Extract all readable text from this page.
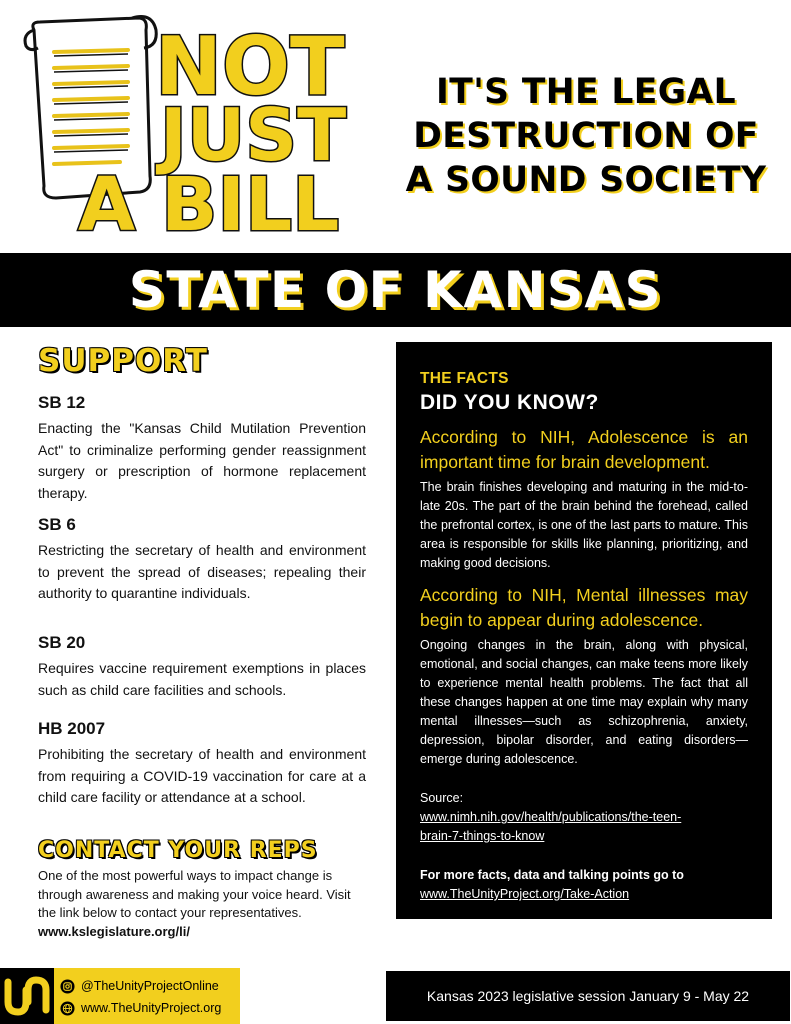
NOT
JUST
A BILL
IT'S THE LEGAL
DESTRUCTION OF
A SOUND SOCIETY
STATE OF KANSAS
SUPPORT
SB 12
Enacting the "Kansas Child Mutilation Prevention Act" to criminalize performing gender reassignment surgery or prescription of hormone replacement therapy.
SB 6
Restricting the secretary of health and environment to prevent the spread of diseases; repealing their authority to quarantine individuals.
SB 20
Requires vaccine requirement exemptions in places such as child care facilities and schools.
HB 2007
Prohibiting the secretary of health and environment from requiring a COVID-19 vaccination for care at a child care facility or attendance at a school.
CONTACT YOUR REPS
One of the most powerful ways to impact change is through awareness and making your voice heard. Visit the link below to contact your representatives.
www.kslegislature.org/li/
THE FACTS
DID YOU KNOW?
According to NIH, Adolescence is an important time for brain development.
The brain finishes developing and maturing in the mid-to-late 20s. The part of the brain behind the forehead, called the prefrontal cortex, is one of the last parts to mature. This area is responsible for skills like planning, prioritizing, and making good decisions.
According to NIH, Mental illnesses may begin to appear during adolescence.
Ongoing changes in the brain, along with physical, emotional, and social changes, can make teens more likely to experience mental health problems. The fact that all these changes happen at one time may explain why many mental illnesses—such as schizophrenia, anxiety, depression, bipolar disorder, and eating disorders—emerge during adolescence.
Source:
www.nimh.nih.gov/health/publications/the-teen-
brain-7-things-to-know
For more facts, data and talking points go to
www.TheUnityProject.org/Take-Action
@TheUnityProjectOnline
www.TheUnityProject.org
Kansas 2023 legislative session January 9 - May 22
